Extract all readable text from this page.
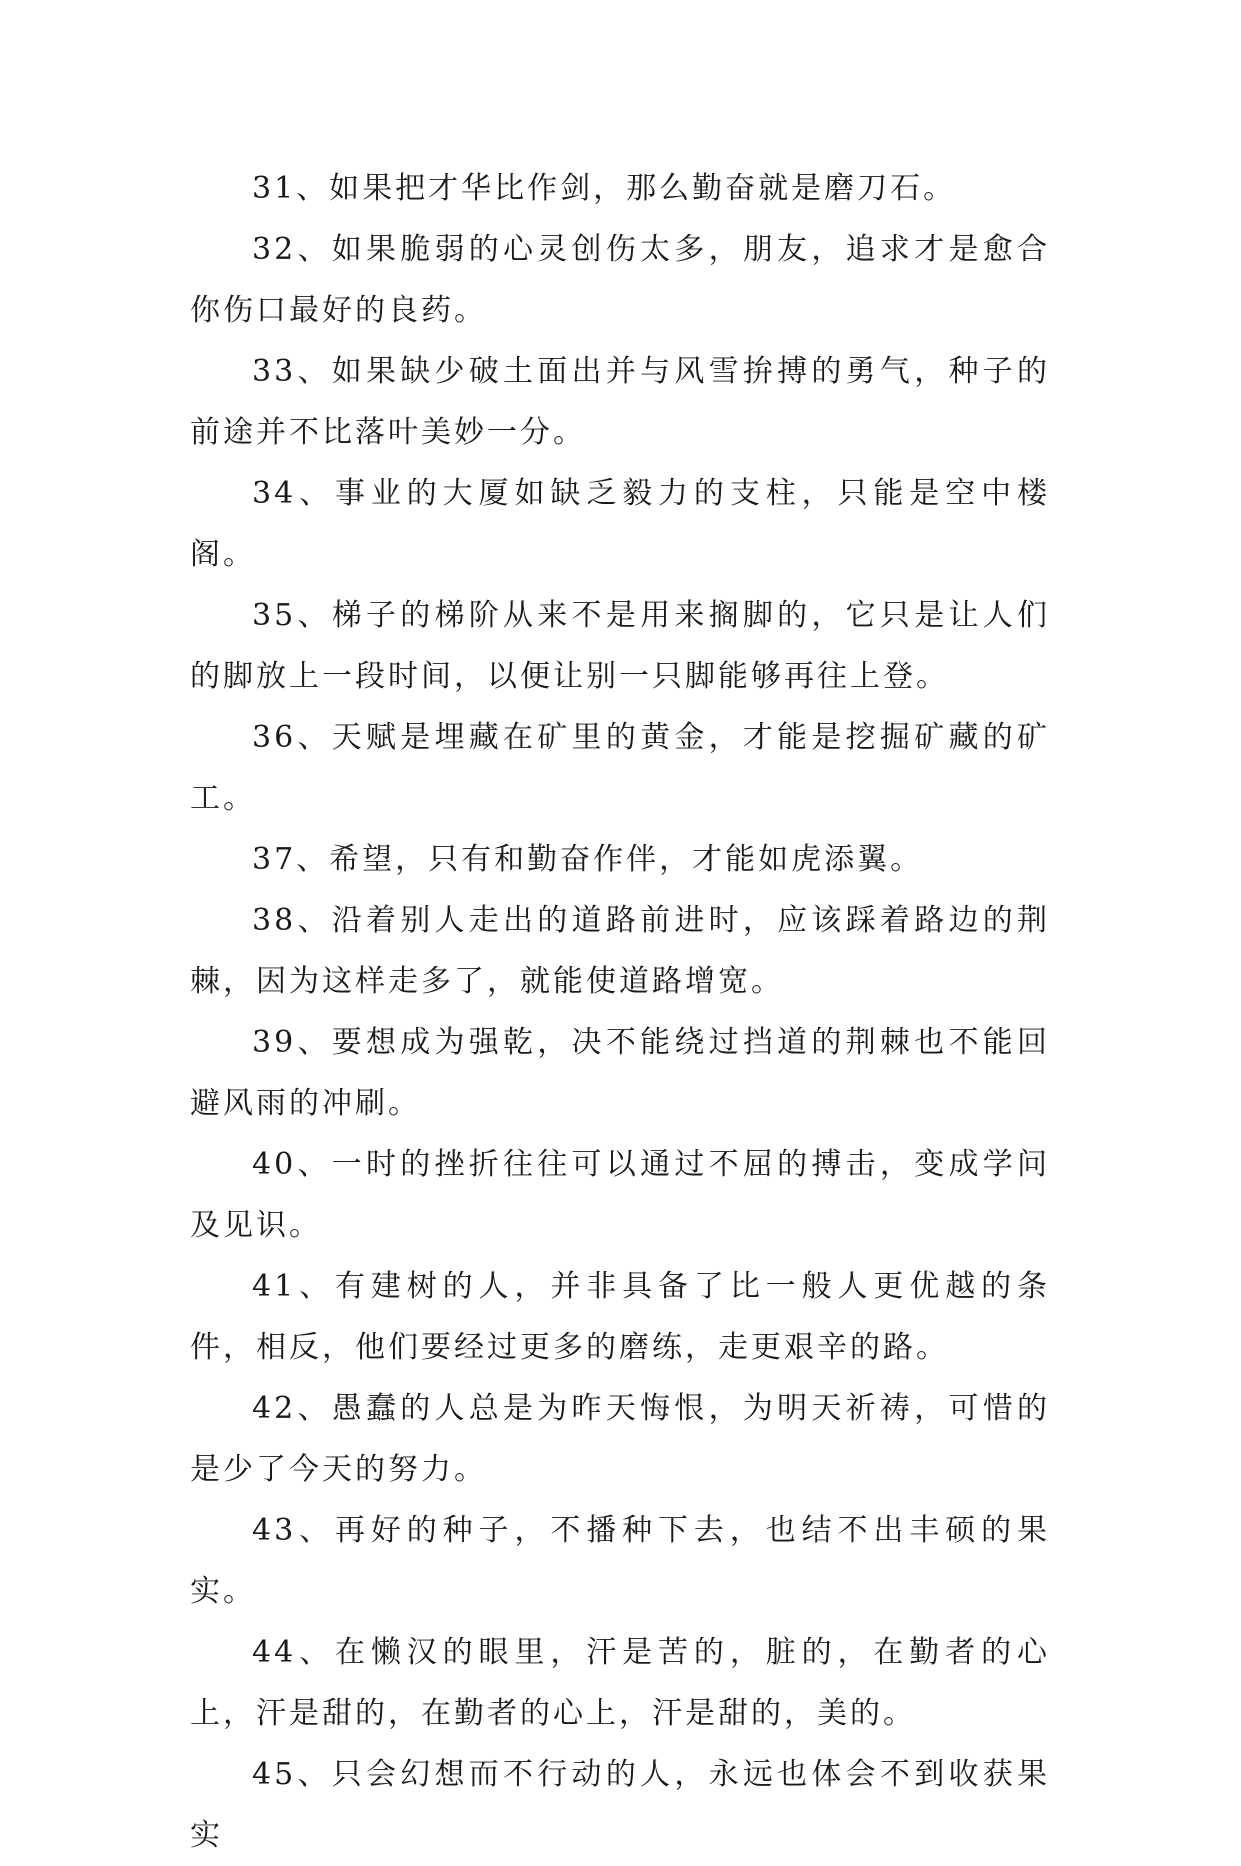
31、如果把才华比作剑，那么勤奋就是磨刀石。

32、如果脆弱的心灵创伤太多，朋友，追求才是愈合你伤口最好的良药。

33、如果缺少破土面出并与风雪拚搏的勇气，种子的前途并不比落叶美妙一分。

34、事业的大厦如缺乏毅力的支柱，只能是空中楼阁。

35、梯子的梯阶从来不是用来搁脚的，它只是让人们的脚放上一段时间，以便让别一只脚能够再往上登。

36、天赋是埋藏在矿里的黄金，才能是挖掘矿藏的矿工。

37、希望，只有和勤奋作伴，才能如虎添翼。

38、沿着别人走出的道路前进时，应该踩着路边的荆棘，因为这样走多了，就能使道路增宽。

39、要想成为强乾，决不能绕过挡道的荆棘也不能回避风雨的冲刷。

40、一时的挫折往往可以通过不屈的搏击，变成学问及见识。

41、有建树的人，并非具备了比一般人更优越的条件，相反，他们要经过更多的磨练，走更艰辛的路。

42、愚蠢的人总是为昨天悔恨，为明天祈祷，可惜的是少了今天的努力。

43、再好的种子，不播种下去，也结不出丰硕的果实。

44、在懒汉的眼里，汗是苦的，脏的，在勤者的心上，汗是甜的，在勤者的心上，汗是甜的，美的。

45、只会幻想而不行动的人，永远也体会不到收获果实
